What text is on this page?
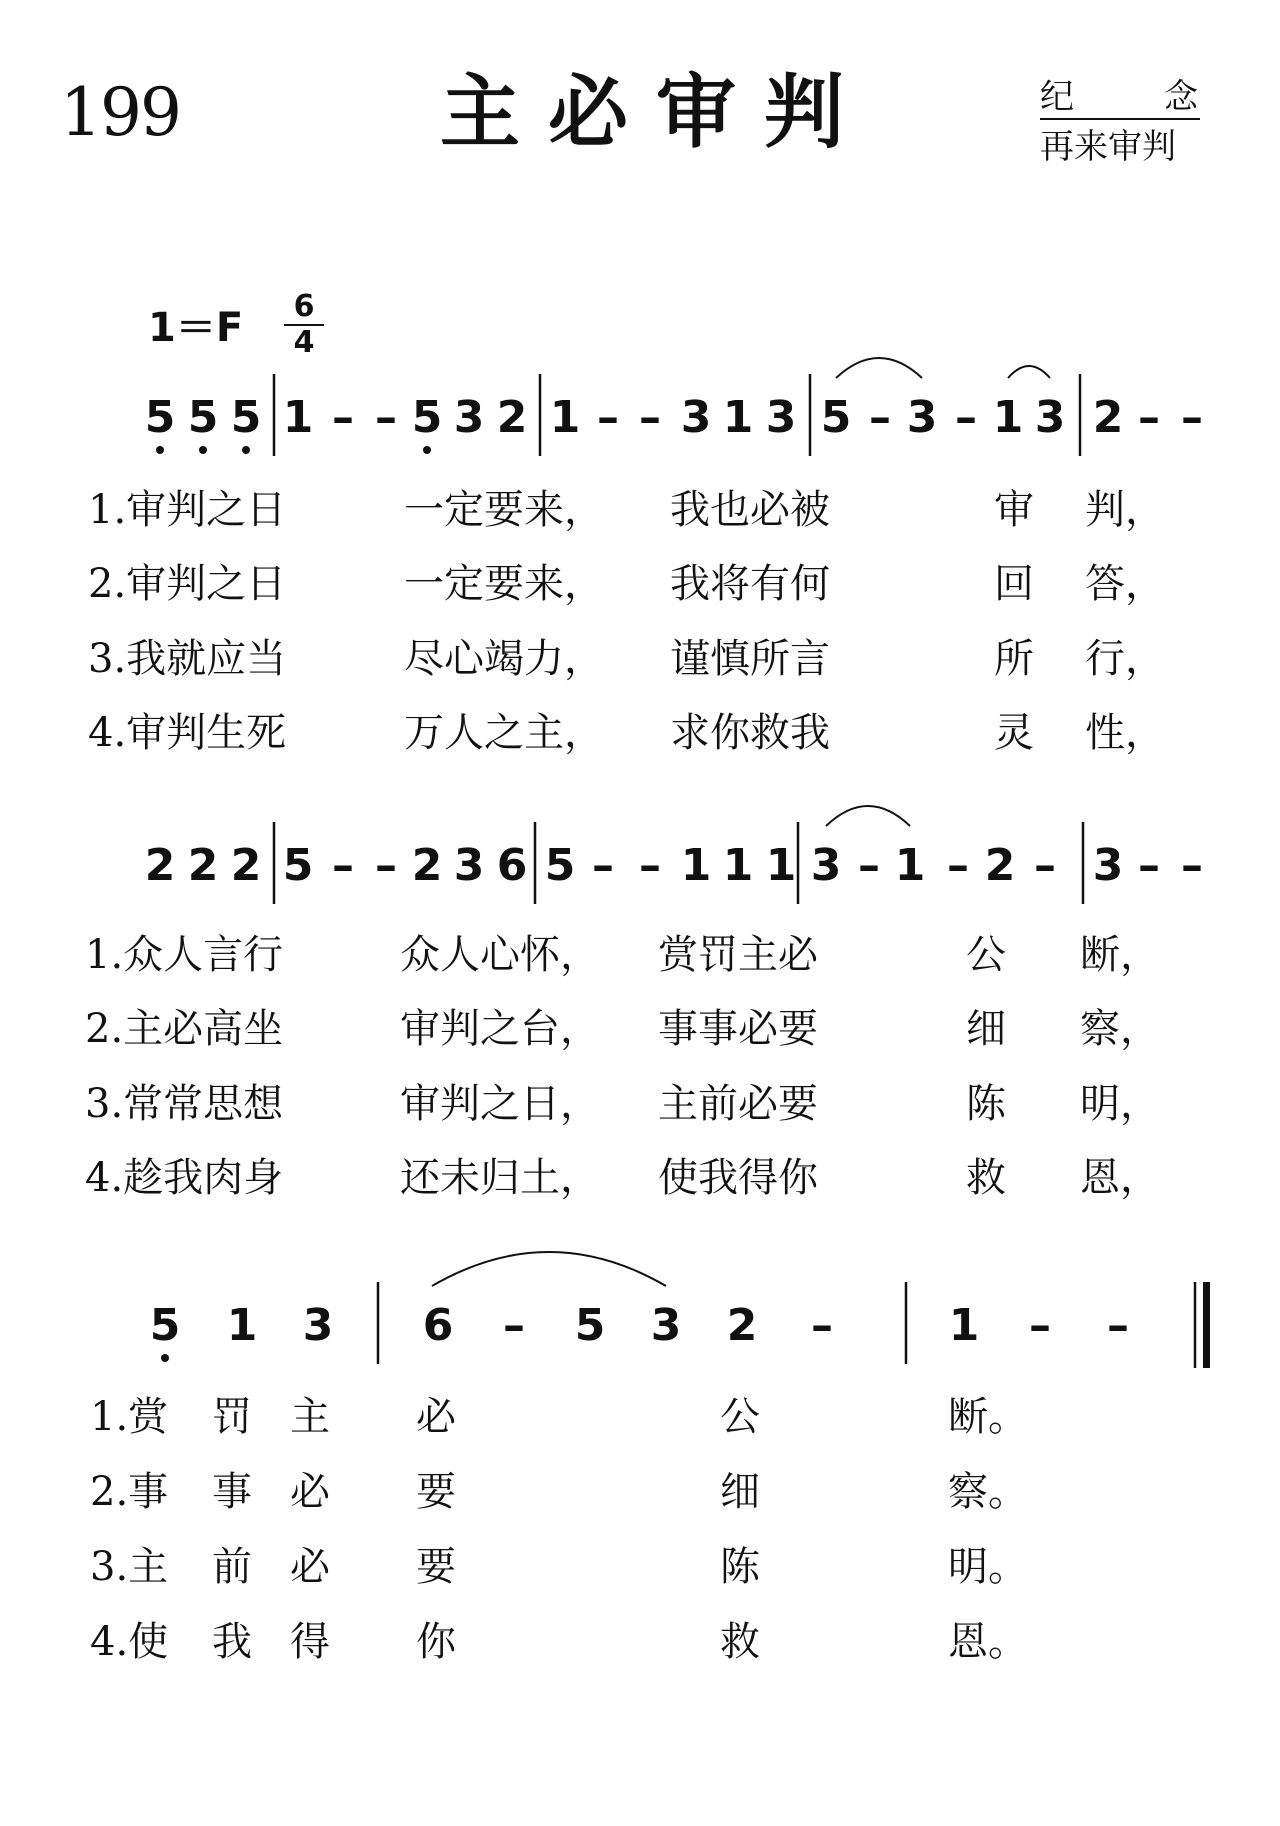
199	主必审判	纪	念
再来审判
1＝F	6
4
5 5 5 1 – – 5 3 2 1 – – 3 1 3 5 – 3 – 1 3 2 – –
1.审判之日	一定要来， 我也必被	审 判，
2.审判之日	一定要来， 我将有何	回 答，
3.我就应当	尽心竭力， 谨慎所言	所 行，
4.审判生死	万人之主， 求你救我	灵 性，
2 2 2 5 – – 2 3 6 5 – – 1 1 1 3 – 1 – 2 – 3 – –
1.众人言行	众人心怀， 赏罚主必	公 断，
2.主必高坐	审判之台， 事事必要	细 察，
3.常常思想	审判之日， 主前必要	陈 明，
4.趁我肉身	还未归土， 使我得你	救 恩，
5 1 3 6 – 5 3 2 –	1 – –
1.赏 罚 主 必	公	断。
2.事 事 必 要	细	察。
3.主 前 必 要	陈	明。
4.使 我 得 你	救	恩。
